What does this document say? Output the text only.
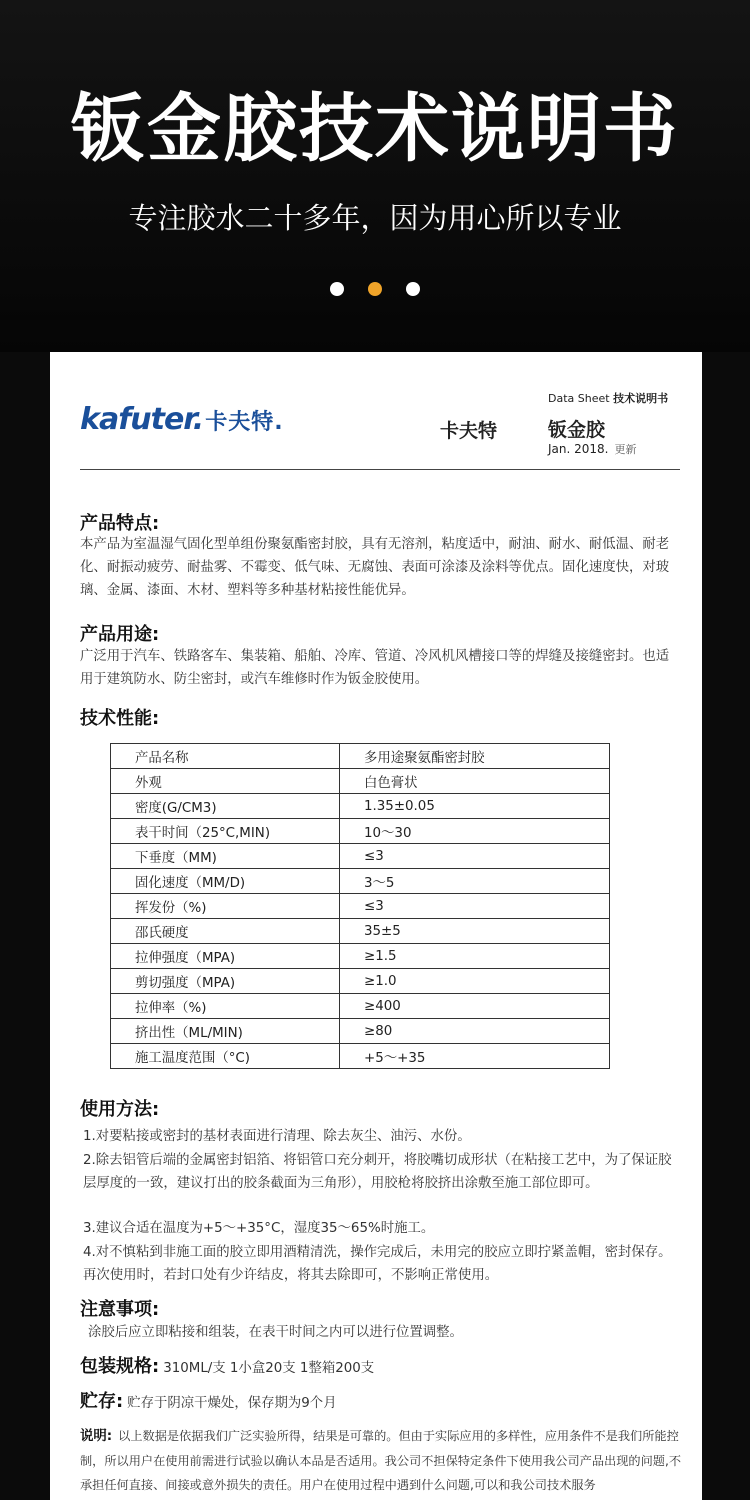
钣金胶技术说明书
专注胶水二十多年，因为用心所以专业
kafuter.卡夫特.	卡夫特
Data Sheet 技术说明书
钣金胶
Jan. 2018. 更新
产品特点:
本产品为室温湿气固化型单组份聚氨酯密封胶，具有无溶剂，粘度适中，耐油、耐水、耐低温、耐老化、耐振动疲劳、耐盐雾、不霉变、低气味、无腐蚀、表面可涂漆及涂料等优点。固化速度快，对玻璃、金属、漆面、木材、塑料等多种基材粘接性能优异。
产品用途:
广泛用于汽车、铁路客车、集装箱、船舶、冷库、管道、冷风机风槽接口等的焊缝及接缝密封。也适用于建筑防水、防尘密封，或汽车维修时作为钣金胶使用。
技术性能:
产品名称	多用途聚氨酯密封胶
外观	白色膏状
密度(G/CM3)	1.35±0.05
表干时间（25°C,MIN)	10～30
下垂度（MM)	≤3
固化速度（MM/D)	3～5
挥发份（%)	≤3
邵氏硬度	35±5
拉伸强度（MPA)	≥1.5
剪切强度（MPA)	≥1.0
拉伸率（%)	≥400
挤出性（ML/MIN)	≥80
施工温度范围（°C)	+5～+35
使用方法:
1.对要粘接或密封的基材表面进行清理、除去灰尘、油污、水份。
2.除去铝管后端的金属密封铝箔、将铝管口充分刺开，将胶嘴切成形状（在粘接工艺中，为了保证胶层厚度的一致，建议打出的胶条截面为三角形），用胶枪将胶挤出涂敷至施工部位即可。
3.建议合适在温度为+5～+35°C，湿度35～65%时施工。
4.对不慎粘到非施工面的胶立即用酒精清洗，操作完成后，未用完的胶应立即拧紧盖帽，密封保存。再次使用时，若封口处有少许结皮，将其去除即可，不影响正常使用。
注意事项:
涂胶后应立即粘接和组装，在表干时间之内可以进行位置调整。
包装规格: 310ML/支 1小盒20支 1整箱200支
贮存: 贮存于阴凉干燥处，保存期为9个月
说明: 以上数据是依据我们广泛实验所得，结果是可靠的。但由于实际应用的多样性，应用条件不是我们所能控制，所以用户在使用前需进行试验以确认本品是否适用。我公司不担保特定条件下使用我公司产品出现的问题,不承担任何直接、间接或意外损失的责任。用户在使用过程中遇到什么问题,可以和我公司技术服务
